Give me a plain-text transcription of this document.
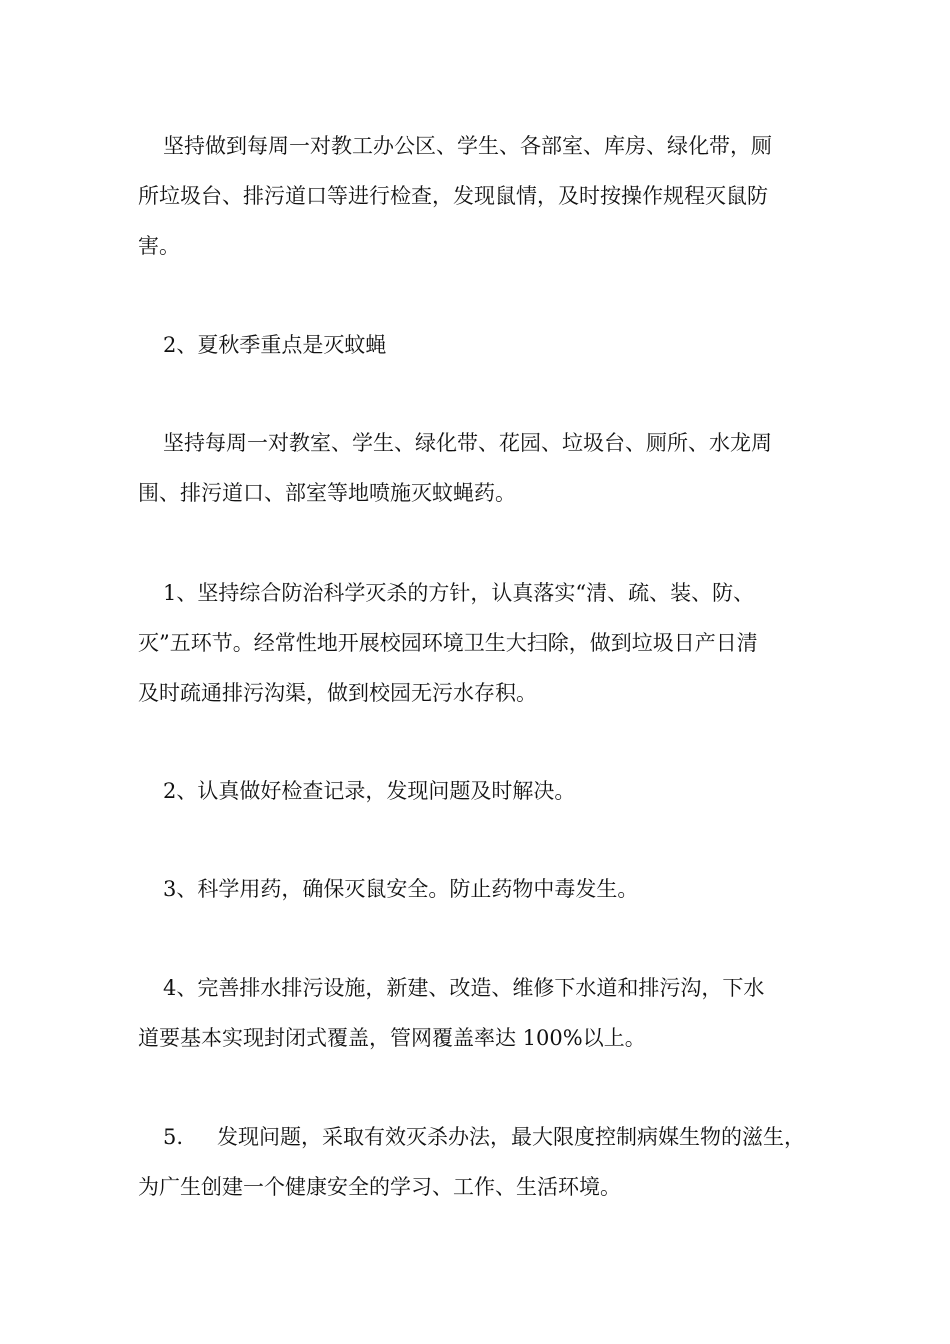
坚持做到每周一对教工办公区、学生、各部室、库房、绿化带，厕
所垃圾台、排污道口等进行检查，发现鼠情，及时按操作规程灭鼠防
害。

2、夏秋季重点是灭蚊蝇

坚持每周一对教室、学生、绿化带、花园、垃圾台、厕所、水龙周
围、排污道口、部室等地喷施灭蚊蝇药。

1、坚持综合防治科学灭杀的方针，认真落实“清、疏、装、防、
灭”五环节。经常性地开展校园环境卫生大扫除，做到垃圾日产日清
及时疏通排污沟渠，做到校园无污水存积。

2、认真做好检查记录，发现问题及时解决。

3、科学用药，确保灭鼠安全。防止药物中毒发生。

4、完善排水排污设施，新建、改造、维修下水道和排污沟，下水
道要基本实现封闭式覆盖，管网覆盖率达 100%以上。

5. 发现问题，采取有效灭杀办法，最大限度控制病媒生物的滋生，
为广生创建一个健康安全的学习、工作、生活环境。
